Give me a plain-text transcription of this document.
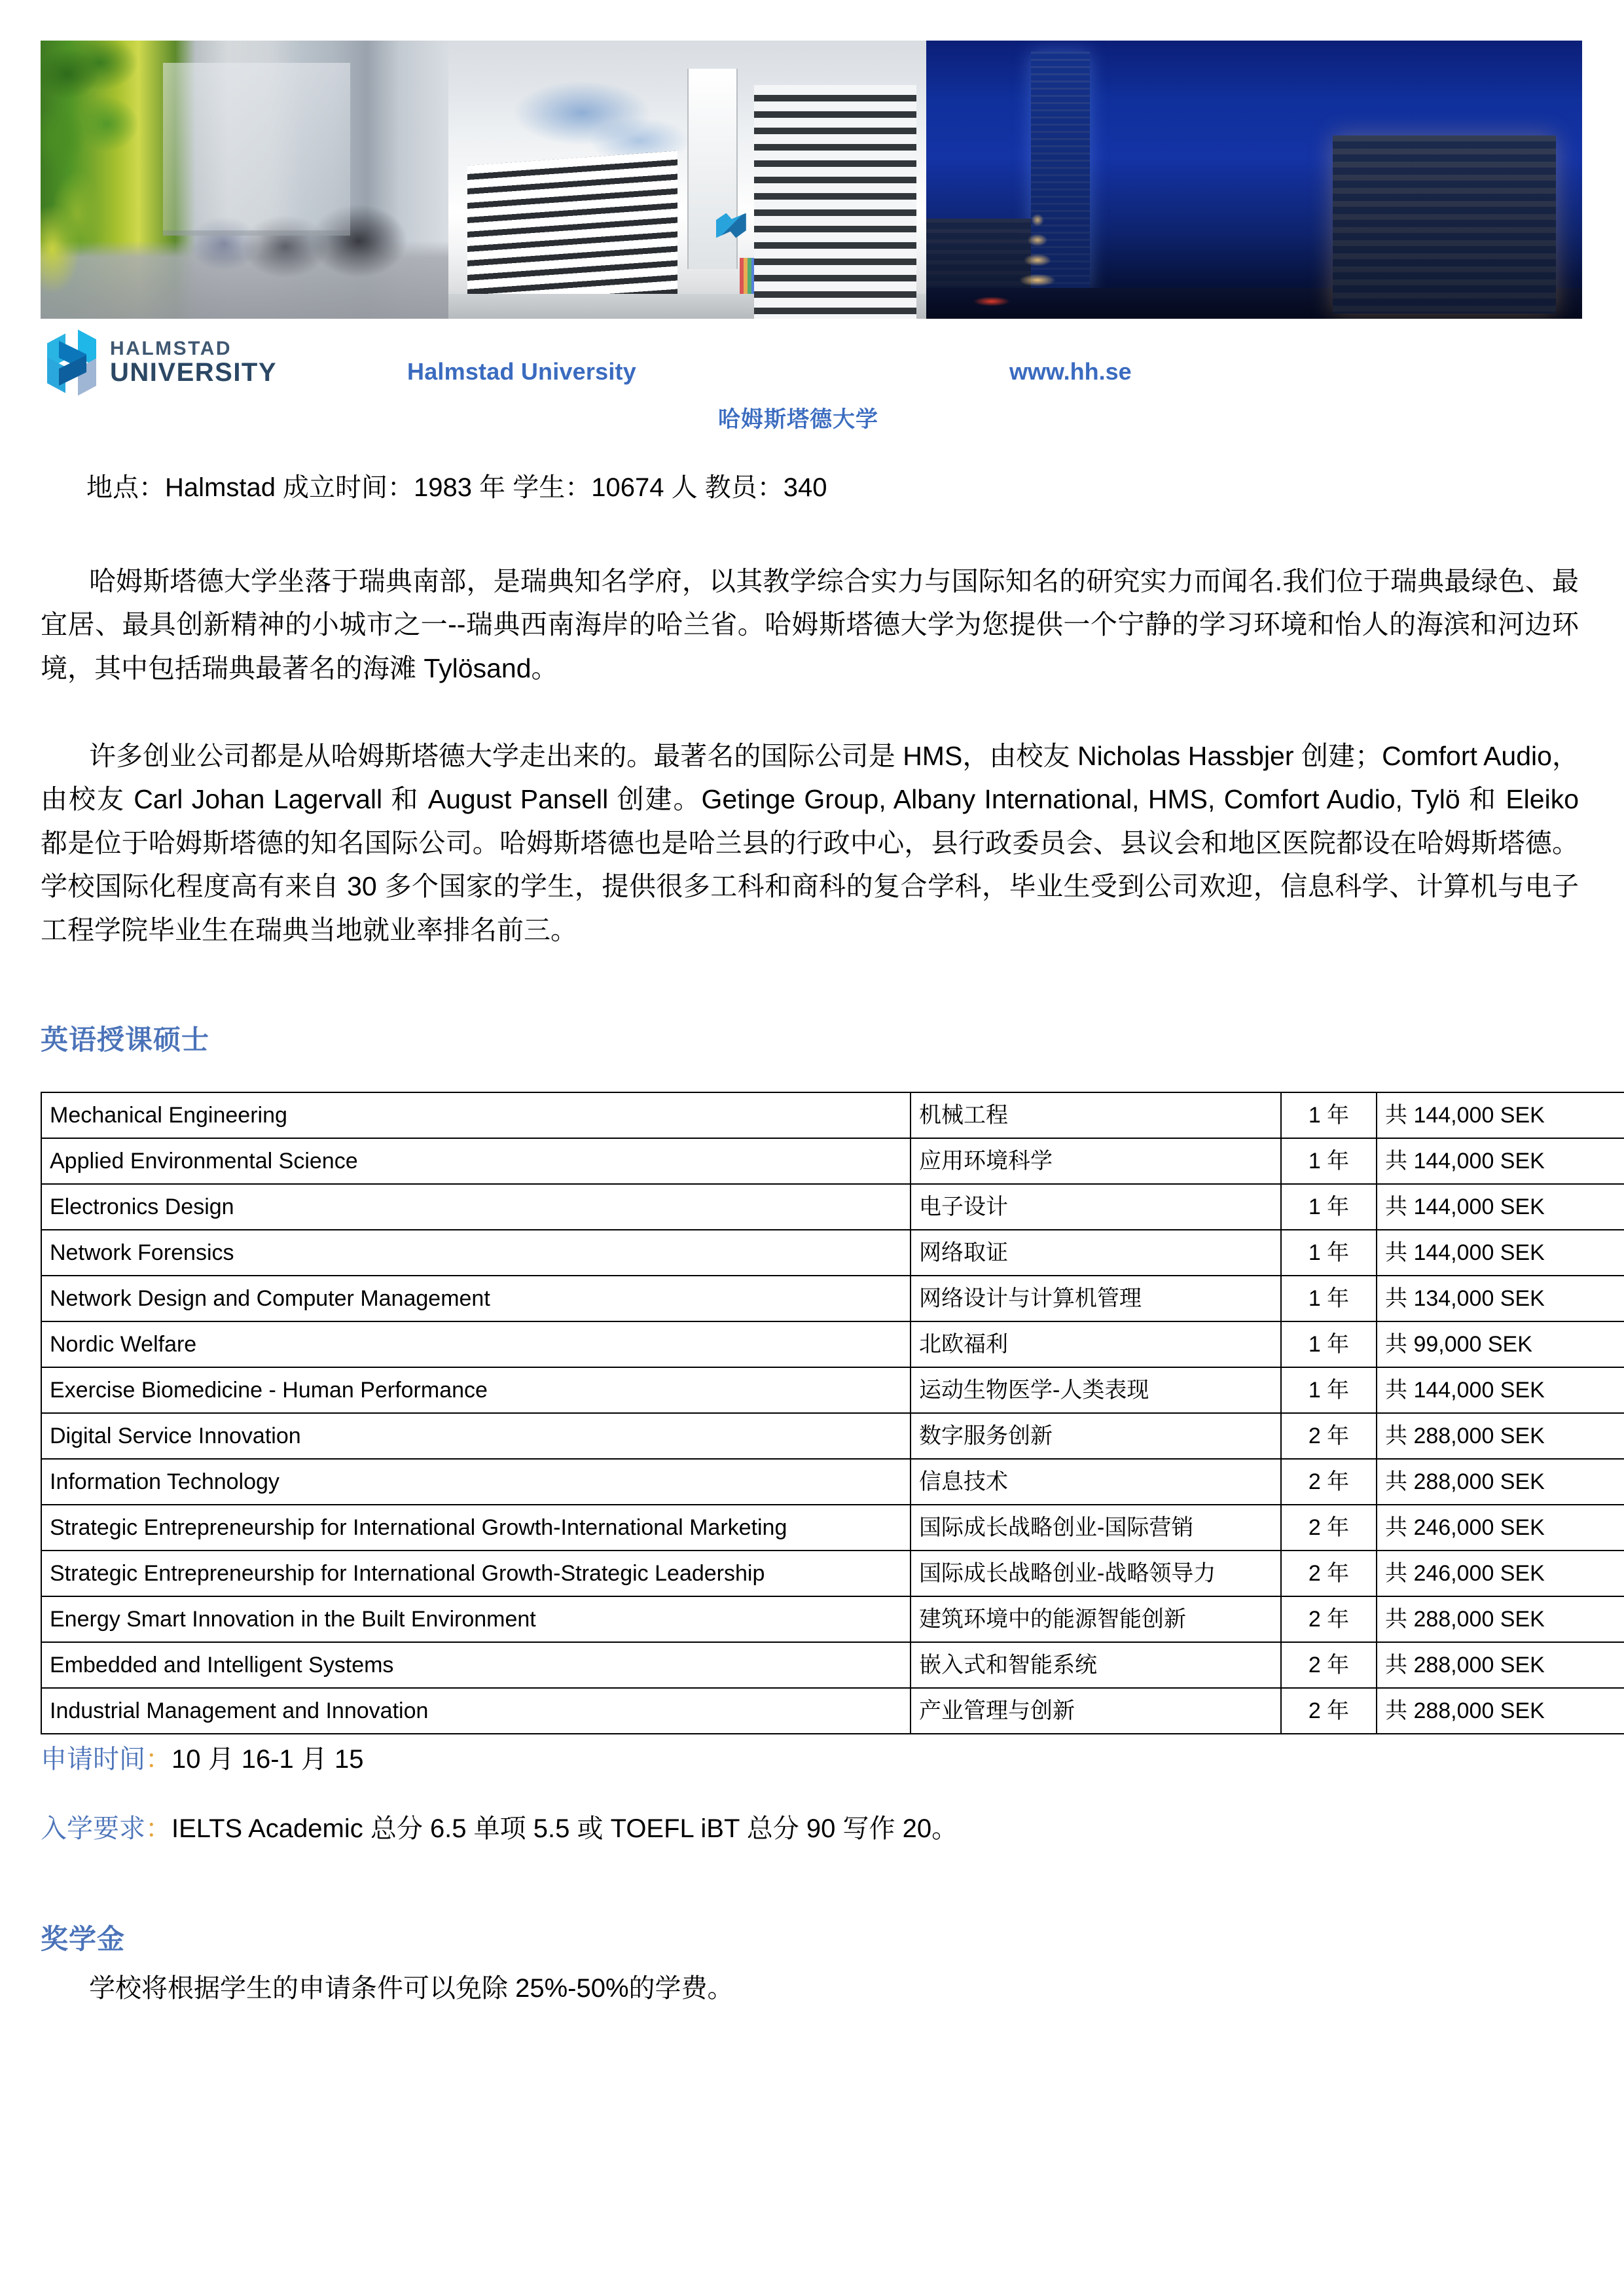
HALMSTAD
UNIVERSITY	Halmstad University	www.hh.se
哈姆斯塔德大学
地点：Halmstad 成立时间：1983 年 学生：10674 人 教员：340
哈姆斯塔德大学坐落于瑞典南部，是瑞典知名学府，以其教学综合实力与国际知名的研究实力而闻名.我们位于瑞典最绿色、最宜居、最具创新精神的小城市之一--瑞典西南海岸的哈兰省。哈姆斯塔德大学为您提供一个宁静的学习环境和怡人的海滨和河边环境，其中包括瑞典最著名的海滩 Tylösand。
许多创业公司都是从哈姆斯塔德大学走出来的。最著名的国际公司是 HMS，由校友 Nicholas Hassbjer 创建；Comfort Audio，由校友 Carl Johan Lagervall 和 August Pansell 创建。Getinge Group, Albany International, HMS, Comfort Audio, Tylö 和 Eleiko 都是位于哈姆斯塔德的知名国际公司。哈姆斯塔德也是哈兰县的行政中心，县行政委员会、县议会和地区医院都设在哈姆斯塔德。学校国际化程度高有来自 30 多个国家的学生，提供很多工科和商科的复合学科，毕业生受到公司欢迎，信息科学、计算机与电子工程学院毕业生在瑞典当地就业率排名前三。
英语授课硕士
Mechanical Engineering	机械工程	1 年	共 144,000 SEK
Applied Environmental Science	应用环境科学	1 年	共 144,000 SEK
Electronics Design	电子设计	1 年	共 144,000 SEK
Network Forensics	网络取证	1 年	共 144,000 SEK
Network Design and Computer Management	网络设计与计算机管理	1 年	共 134,000 SEK
Nordic Welfare	北欧福利	1 年	共 99,000 SEK
Exercise Biomedicine - Human Performance	运动生物医学-人类表现	1 年	共 144,000 SEK
Digital Service Innovation	数字服务创新	2 年	共 288,000 SEK
Information Technology	信息技术	2 年	共 288,000 SEK
Strategic Entrepreneurship for International Growth-International Marketing	国际成长战略创业-国际营销	2 年	共 246,000 SEK
Strategic Entrepreneurship for International Growth-Strategic Leadership	国际成长战略创业-战略领导力	2 年	共 246,000 SEK
Energy Smart Innovation in the Built Environment	建筑环境中的能源智能创新	2 年	共 288,000 SEK
Embedded and Intelligent Systems	嵌入式和智能系统	2 年	共 288,000 SEK
Industrial Management and Innovation	产业管理与创新	2 年	共 288,000 SEK
申请时间：10 月 16-1 月 15
入学要求：IELTS Academic 总分 6.5 单项 5.5 或 TOEFL iBT 总分 90 写作 20。
奖学金
学校将根据学生的申请条件可以免除 25%-50%的学费。
